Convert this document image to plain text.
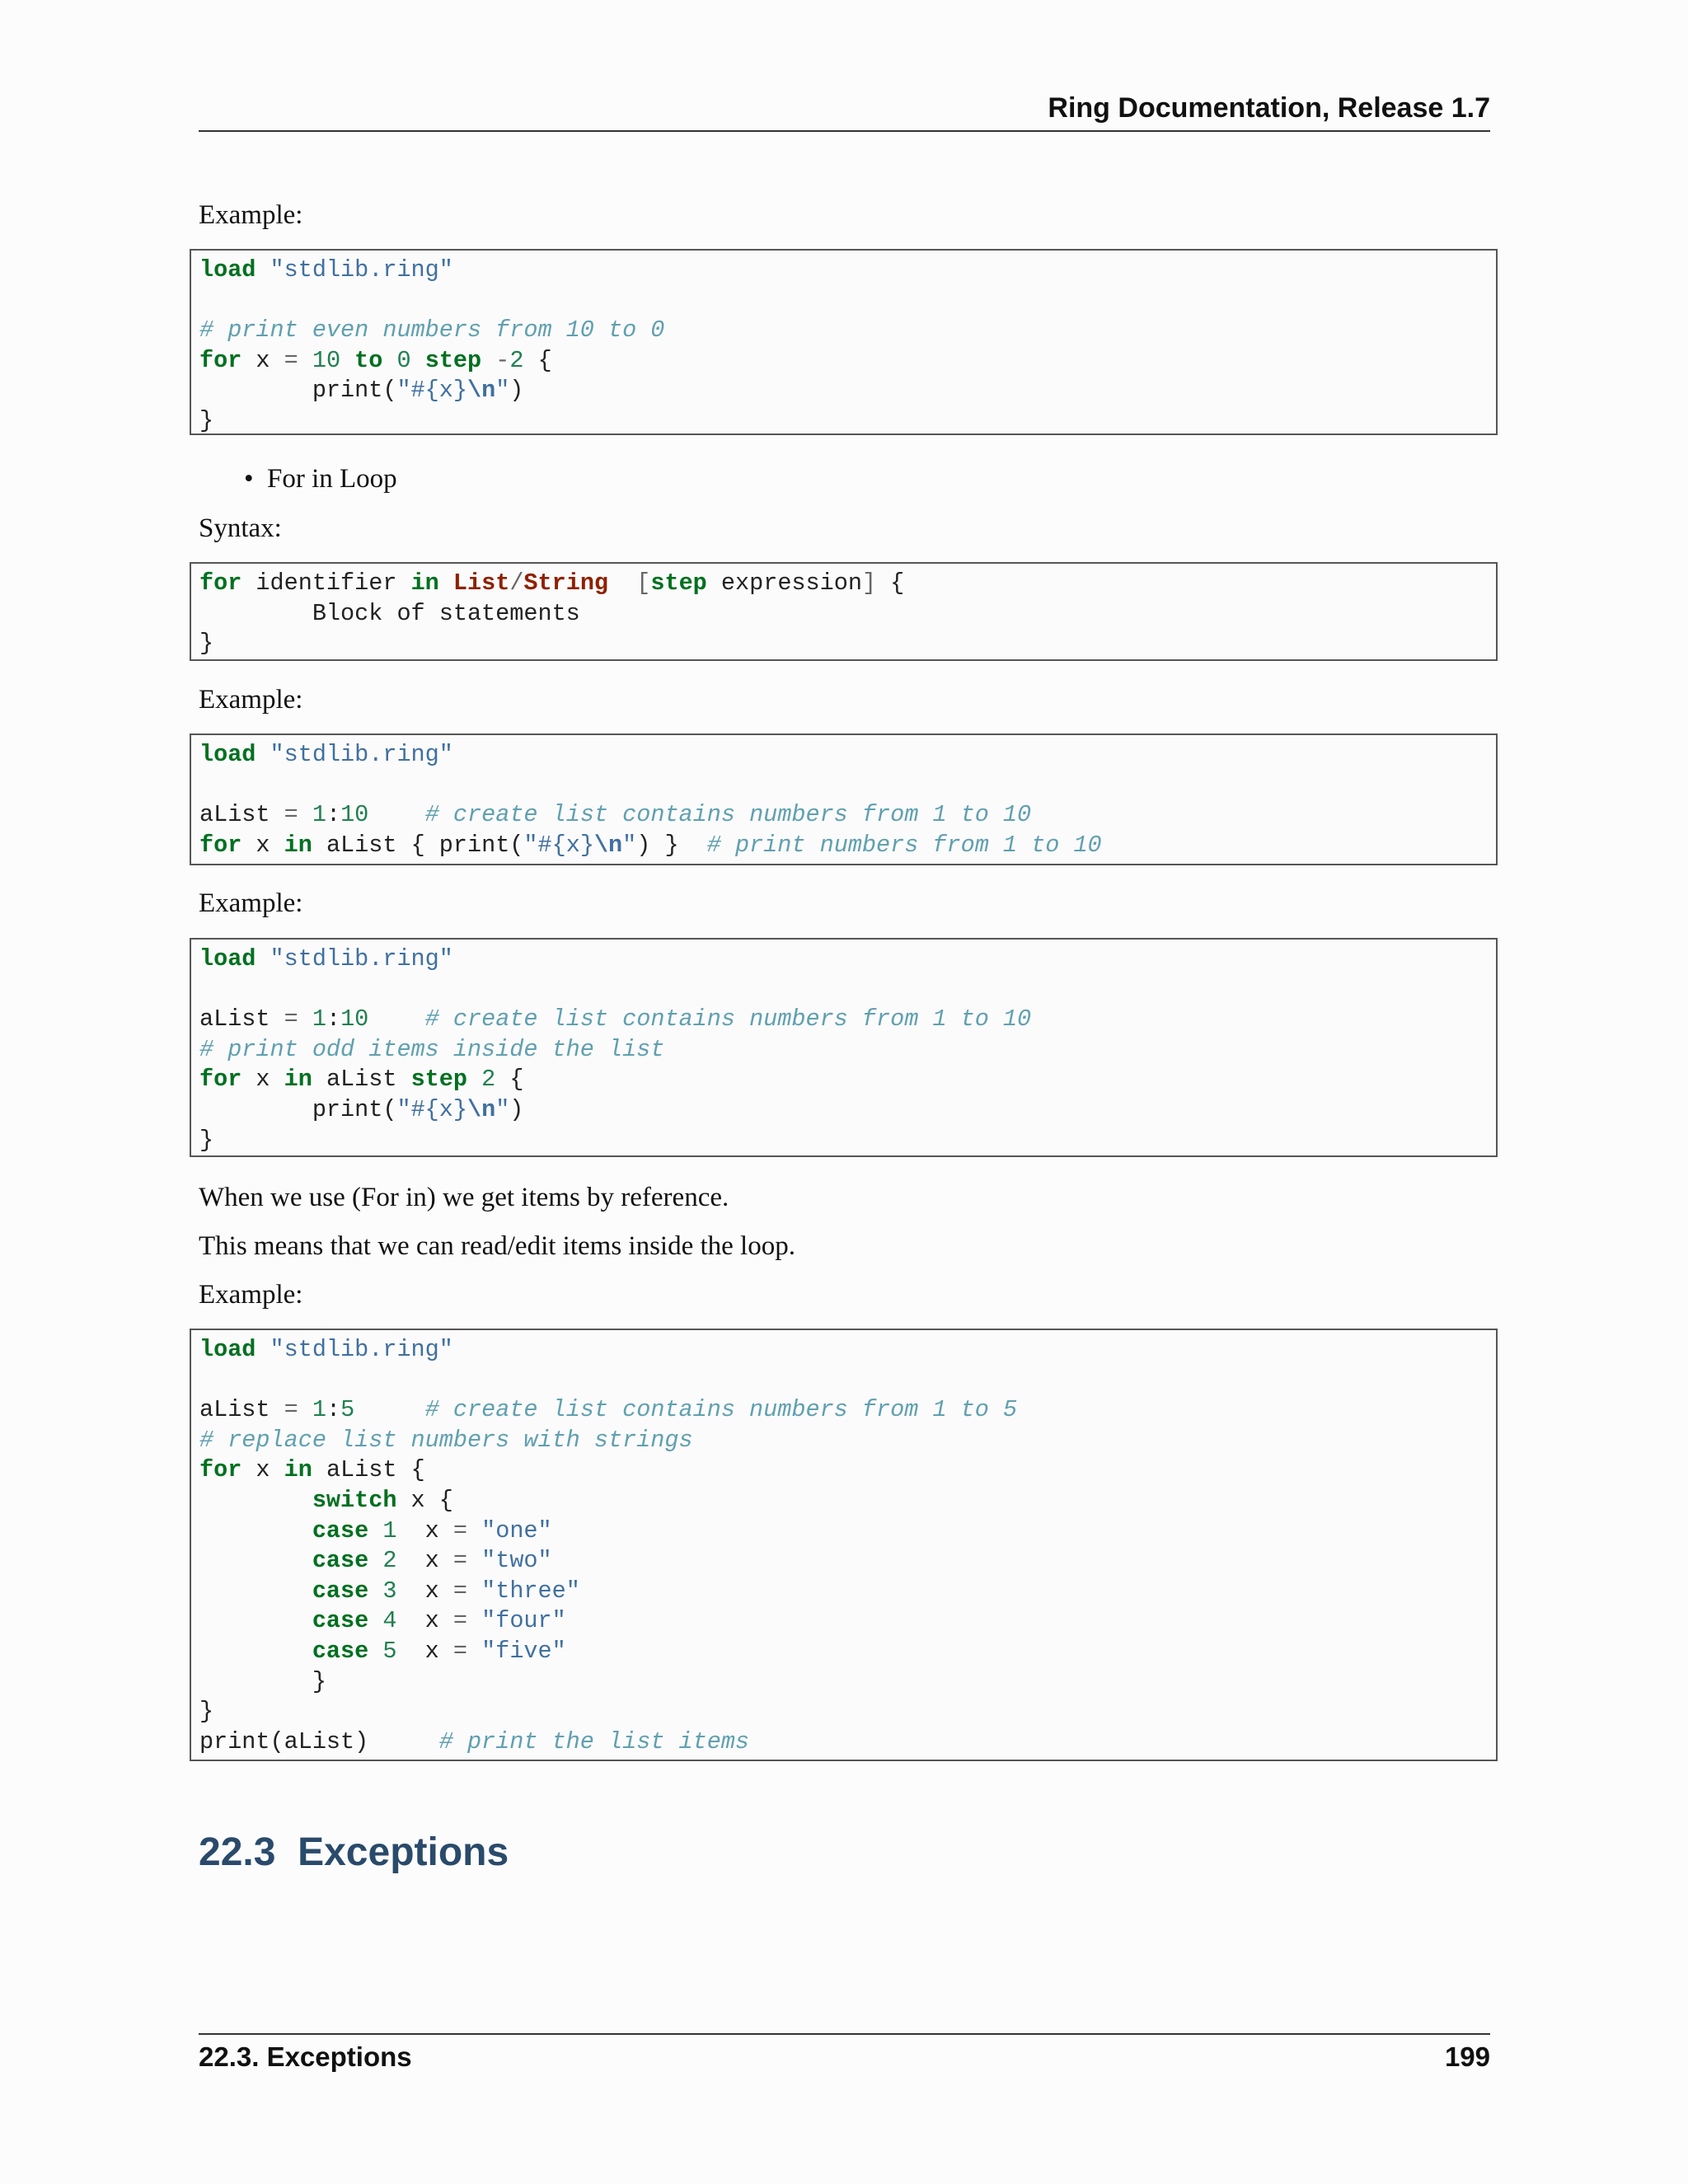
Ring Documentation, Release 1.7
Example:
load "stdlib.ring"

# print even numbers from 10 to 0
for x = 10 to 0 step -2 {
print("#{x}\n")
}
• For in Loop
Syntax:
for identifier in List/String [step expression] {
Block of statements
}
Example:
load "stdlib.ring"

aList = 1:10 # create list contains numbers from 1 to 10
for x in aList { print("#{x}\n") }  # print numbers from 1 to 10
Example:
load "stdlib.ring"

aList = 1:10 # create list contains numbers from 1 to 10
# print odd items inside the list
for x in aList step 2 {
print("#{x}\n")
}
When we use (For in) we get items by reference.
This means that we can read/edit items inside the loop.
Example:
load "stdlib.ring"

aList = 1:5	# create list contains numbers from 1 to 5
# replace list numbers with strings
for x in aList {
switch x {
case 1  x = "one"
case 2  x = "two"
case 3  x = "three"
case 4  x = "four"
case 5  x = "five"
}
}
print(aList)     # print the list items
22.3 Exceptions
22.3. Exceptions	199
